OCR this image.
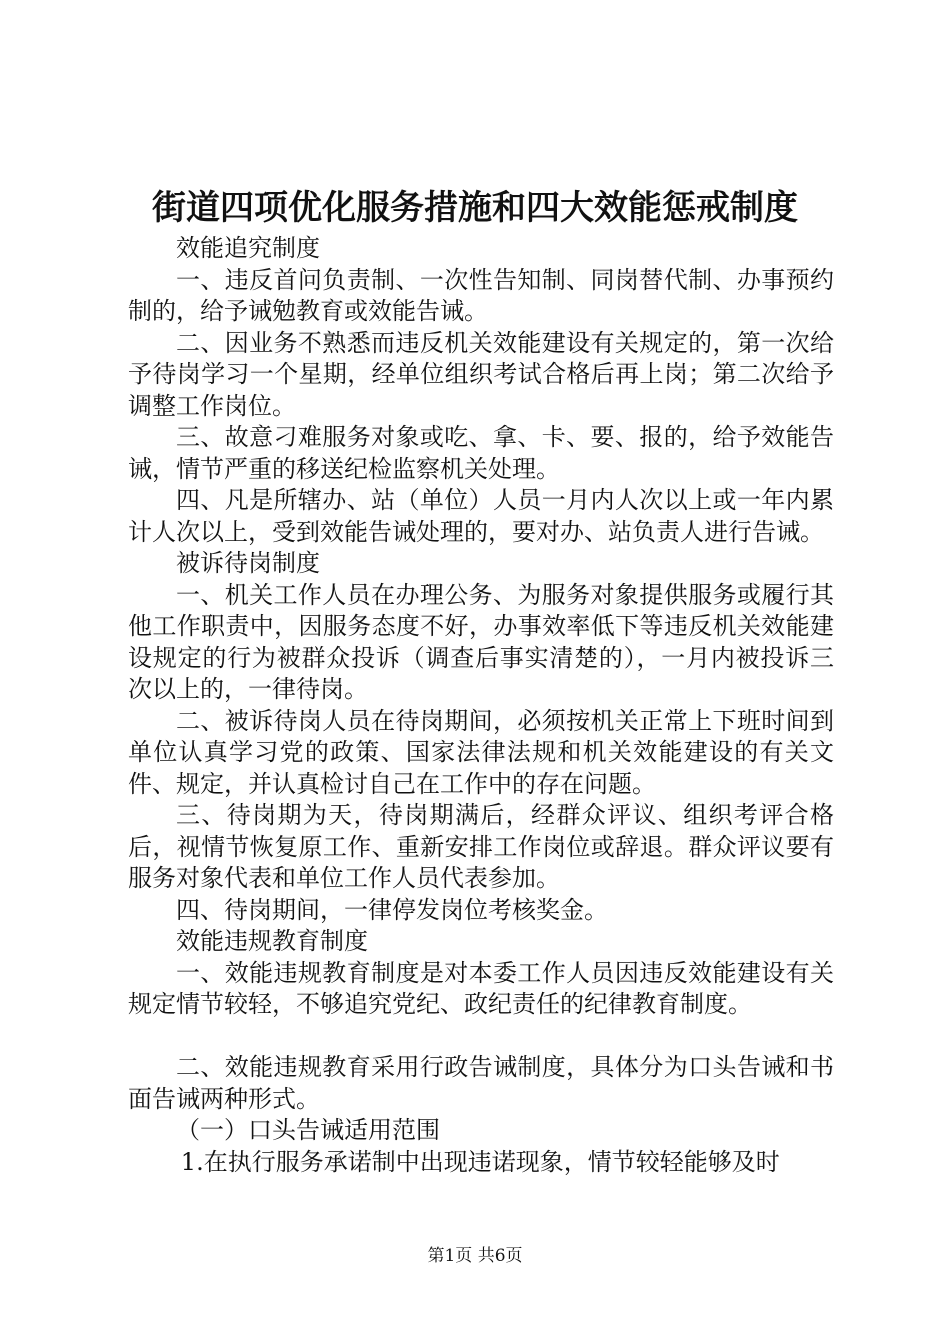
街道四项优化服务措施和四大效能惩戒制度

效能追究制度

一、违反首问负责制、一次性告知制、同岗替代制、办事预约制的，给予诫勉教育或效能告诫。

二、因业务不熟悉而违反机关效能建设有关规定的，第一次给予待岗学习一个星期，经单位组织考试合格后再上岗；第二次给予调整工作岗位。

三、故意刁难服务对象或吃、拿、卡、要、报的，给予效能告诫，情节严重的移送纪检监察机关处理。

四、凡是所辖办、站（单位）人员一月内人次以上或一年内累计人次以上，受到效能告诫处理的，要对办、站负责人进行告诫。

被诉待岗制度

一、机关工作人员在办理公务、为服务对象提供服务或履行其他工作职责中，因服务态度不好，办事效率低下等违反机关效能建设规定的行为被群众投诉（调查后事实清楚的），一月内被投诉三次以上的，一律待岗。

二、被诉待岗人员在待岗期间，必须按机关正常上下班时间到单位认真学习党的政策、国家法律法规和机关效能建设的有关文件、规定，并认真检讨自己在工作中的存在问题。

三、待岗期为天，待岗期满后，经群众评议、组织考评合格后，视情节恢复原工作、重新安排工作岗位或辞退。群众评议要有服务对象代表和单位工作人员代表参加。

四、待岗期间，一律停发岗位考核奖金。

效能违规教育制度

一、效能违规教育制度是对本委工作人员因违反效能建设有关规定情节较轻，不够追究党纪、政纪责任的纪律教育制度。

二、效能违规教育采用行政告诫制度，具体分为口头告诫和书面告诫两种形式。

（一）口头告诫适用范围

1.在执行服务承诺制中出现违诺现象，情节较轻能够及时

第1页 共6页
